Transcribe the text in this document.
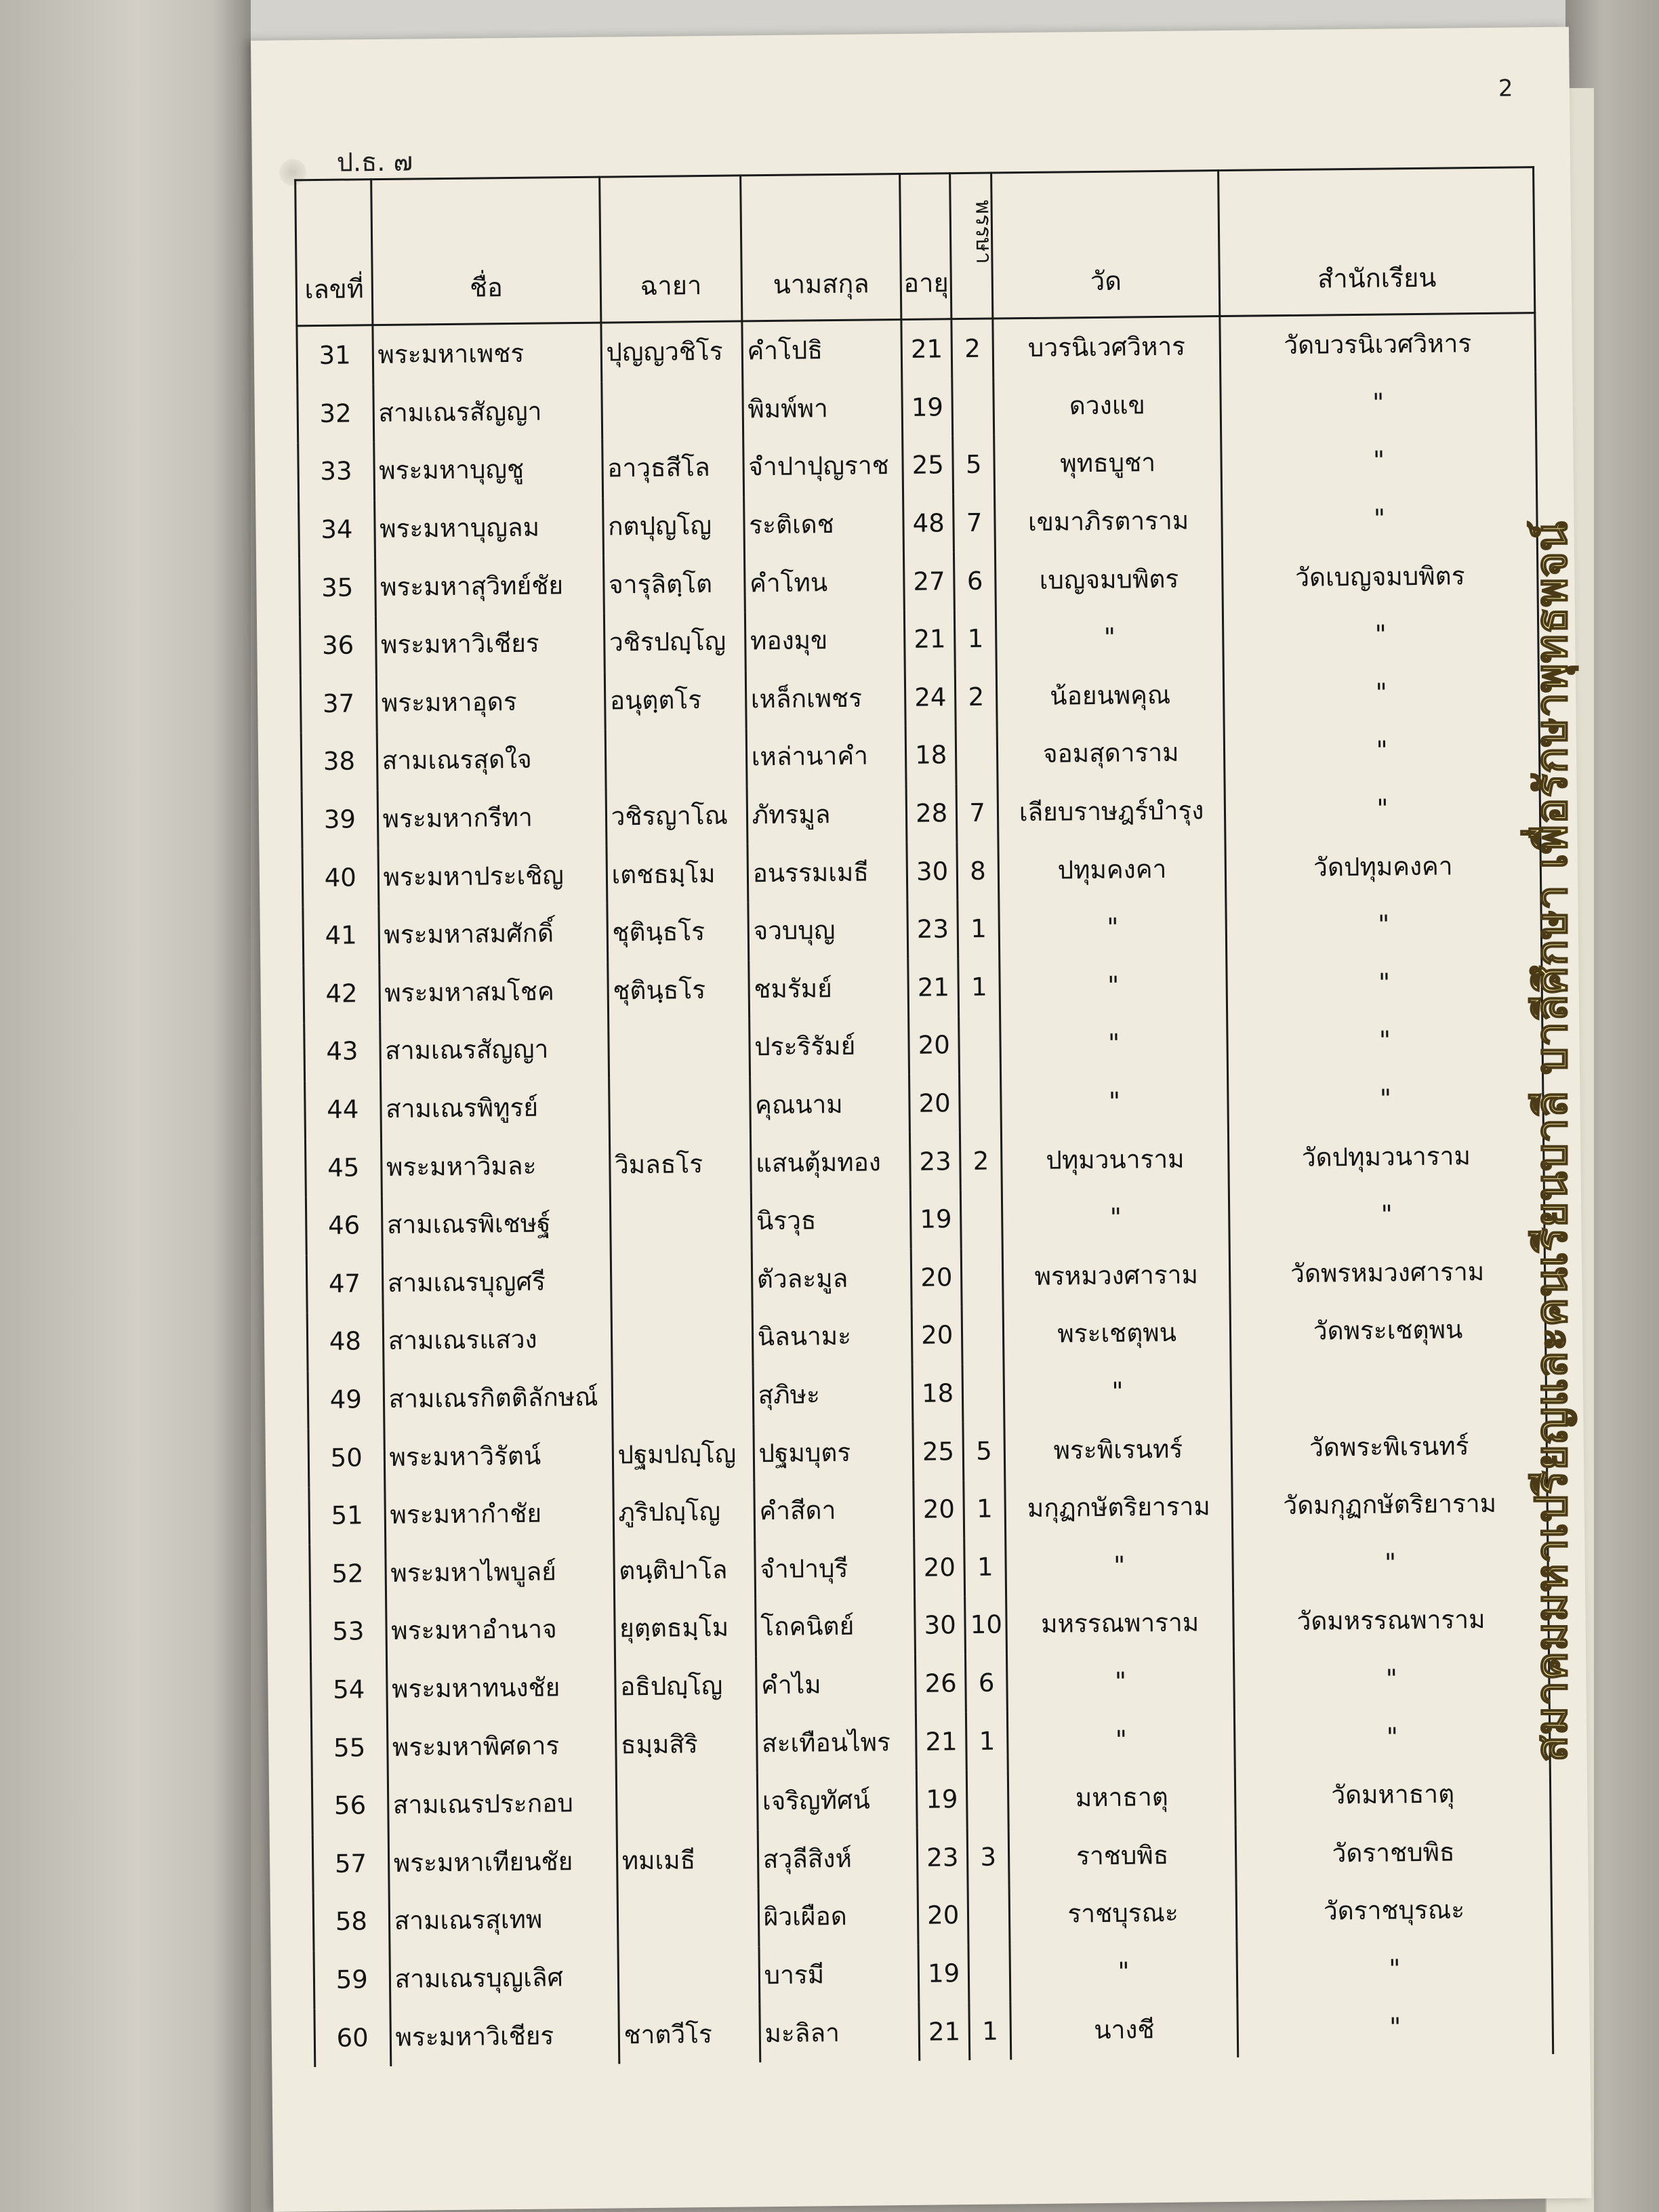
2
ป.ธ. ๗
เลขที่	ชื่อ	ฉายา	นามสกุล	อายุ	พรรษา	วัด	สำนักเรียน
31	พระมหาเพชร	ปุญญวชิโร	คำโปธิ	21	2	บวรนิเวศวิหาร	วัดบวรนิเวศวิหาร
32	สามเณรสัญญา		พิมพ์พา	19		ดวงแข	"
33	พระมหาบุญชู	อาวุธสีโล	จำปาปุญราช	25	5	พุทธบูชา	"
34	พระมหาบุญลม	กตปุญโญ	ระติเดช	48	7	เขมาภิรตาราม	"
35	พระมหาสุวิทย์ชัย	จารุลิตฺโต	คำโทน	27	6	เบญจมบพิตร	วัดเบญจมบพิตร
36	พระมหาวิเชียร	วชิรปญฺโญ	ทองมุข	21	1	"	"
37	พระมหาอุดร	อนุตฺตโร	เหล็กเพชร	24	2	น้อยนพคุณ	"
38	สามเณรสุดใจ		เหล่านาคำ	18		จอมสุดาราม	"
39	พระมหากรีทา	วชิรญาโณ	ภัทรมูล	28	7	เลียบราษฎร์บำรุง	"
40	พระมหาประเชิญ	เตชธมฺโม	อนรรมเมธี	30	8	ปทุมคงคา	วัดปทุมคงคา
41	พระมหาสมศักดิ์	ชุตินฺธโร	จวบบุญ	23	1	"	"
42	พระมหาสมโชค	ชุตินฺธโร	ชมรัมย์	21	1	"	"
43	สามเณรสัญญา		ประริรัมย์	20		"	"
44	สามเณรพิทูรย์		คุณนาม	20		"	"
45	พระมหาวิมละ	วิมลธโร	แสนตุ้มทอง	23	2	ปทุมวนาราม	วัดปทุมวนาราม
46	สามเณรพิเชษฐ์		นิรวุธ	19		"	"
47	สามเณรบุญศรี		ตัวละมูล	20		พรหมวงศาราม	วัดพรหมวงศาราม
48	สามเณรแสวง		นิลนามะ	20		พระเชตุพน	วัดพระเชตุพน
49	สามเณรกิตติลักษณ์		สุภิษะ	18		"	
50	พระมหาวิรัตน์	ปฐมปญฺโญ	ปฐมบุตร	25	5	พระพิเรนทร์	วัดพระพิเรนทร์
51	พระมหากำชัย	ภูริปญฺโญ	คำสีดา	20	1	มกุฏกษัตริยาราม	วัดมกุฏกษัตริยาราม
52	พระมหาไพบูลย์	ตนฺติปาโล	จำปาบุรี	20	1	"	"
53	พระมหาอำนาจ	ยุตฺตธมฺโม	โถคนิตย์	30	10	มหรรณพาราม	วัดมหรรณพาราม
54	พระมหาทนงชัย	อธิปญฺโญ	คำไม	26	6	"	"
55	พระมหาพิศดาร	ธมฺมสิริ	สะเทือนไพร	21	1	"	"
56	สามเณรประกอบ		เจริญทัศน์	19		มหาธาตุ	วัดมหาธาตุ
57	พระมหาเทียนชัย	ทมเมธี	สวุลีสิงห์	23	3	ราชบพิธ	วัดราชบพิธ
58	สามเณรสุเทพ		ผิวเผือด	20		ราชบุรณะ	วัดราชบุรณะ
59	สามเณรบุญเลิศ		บารมี	19		"	"
60	พระมหาวิเชียร	ชาตวีโร	มะลิลา	21	1	นางชี	"
สมาคมมหาเปรียญและคนเรียนบาลี บาลีศึกษา เพื่อรักษาพุทธพจน์
